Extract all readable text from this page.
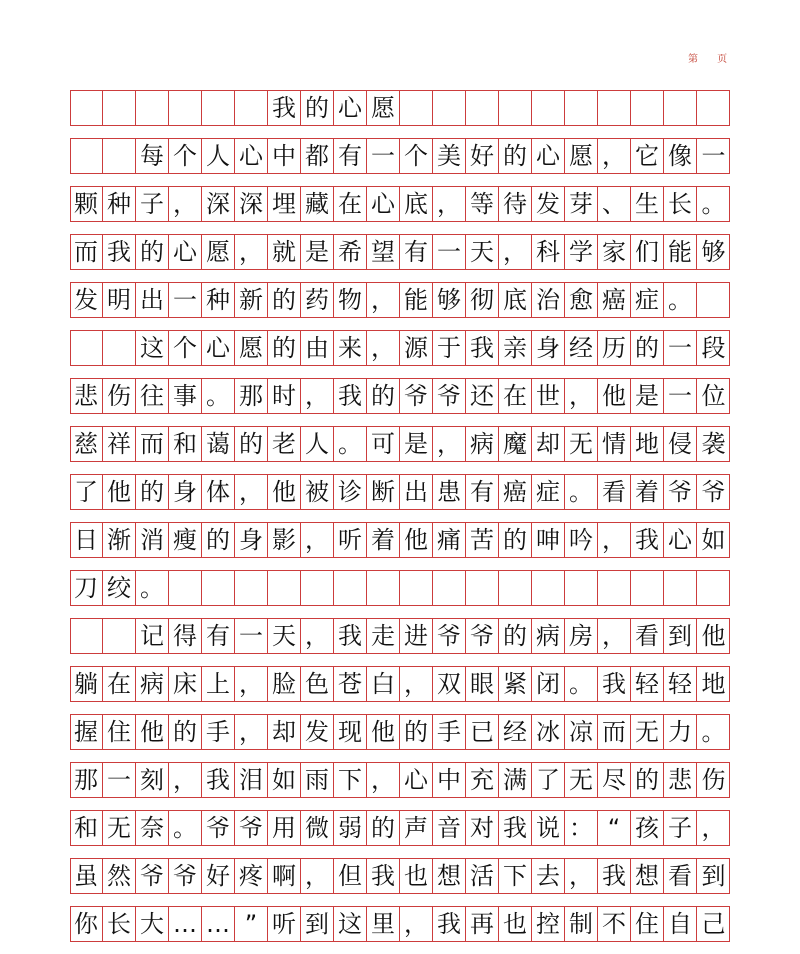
第 页
我 的 心 愿
每 个 人 心 中 都 有 一 个 美 好 的 心 愿 ， 它 像 一
颗 种 子 ， 深 深 埋 藏 在 心 底 ， 等 待 发 芽 、 生 长 。
而 我 的 心 愿 ， 就 是 希 望 有 一 天 ， 科 学 家 们 能 够
发 明 出 一 种 新 的 药 物 ， 能 够 彻 底 治 愈 癌 症 。
这 个 心 愿 的 由 来 ， 源 于 我 亲 身 经 历 的 一 段
悲 伤 往 事 。 那 时 ， 我 的 爷 爷 还 在 世 ， 他 是 一 位
慈 祥 而 和 蔼 的 老 人 。 可 是 ， 病 魔 却 无 情 地 侵 袭
了 他 的 身 体 ， 他 被 诊 断 出 患 有 癌 症 。 看 着 爷 爷
日 渐 消 瘦 的 身 影 ， 听 着 他 痛 苦 的 呻 吟 ， 我 心 如
刀 绞 。
记 得 有 一 天 ， 我 走 进 爷 爷 的 病 房 ， 看 到 他
躺 在 病 床 上 ， 脸 色 苍 白 ， 双 眼 紧 闭 。 我 轻 轻 地
握 住 他 的 手 ， 却 发 现 他 的 手 已 经 冰 凉 而 无 力 。
那 一 刻 ， 我 泪 如 雨 下 ， 心 中 充 满 了 无 尽 的 悲 伤
和 无 奈 。 爷 爷 用 微 弱 的 声 音 对 我 说 ： “ 孩 子 ，
虽 然 爷 爷 好 疼 啊 ， 但 我 也 想 活 下 去 ， 我 想 看 到
你 长 大 … … ” 听 到 这 里 ， 我 再 也 控 制 不 住 自 己
